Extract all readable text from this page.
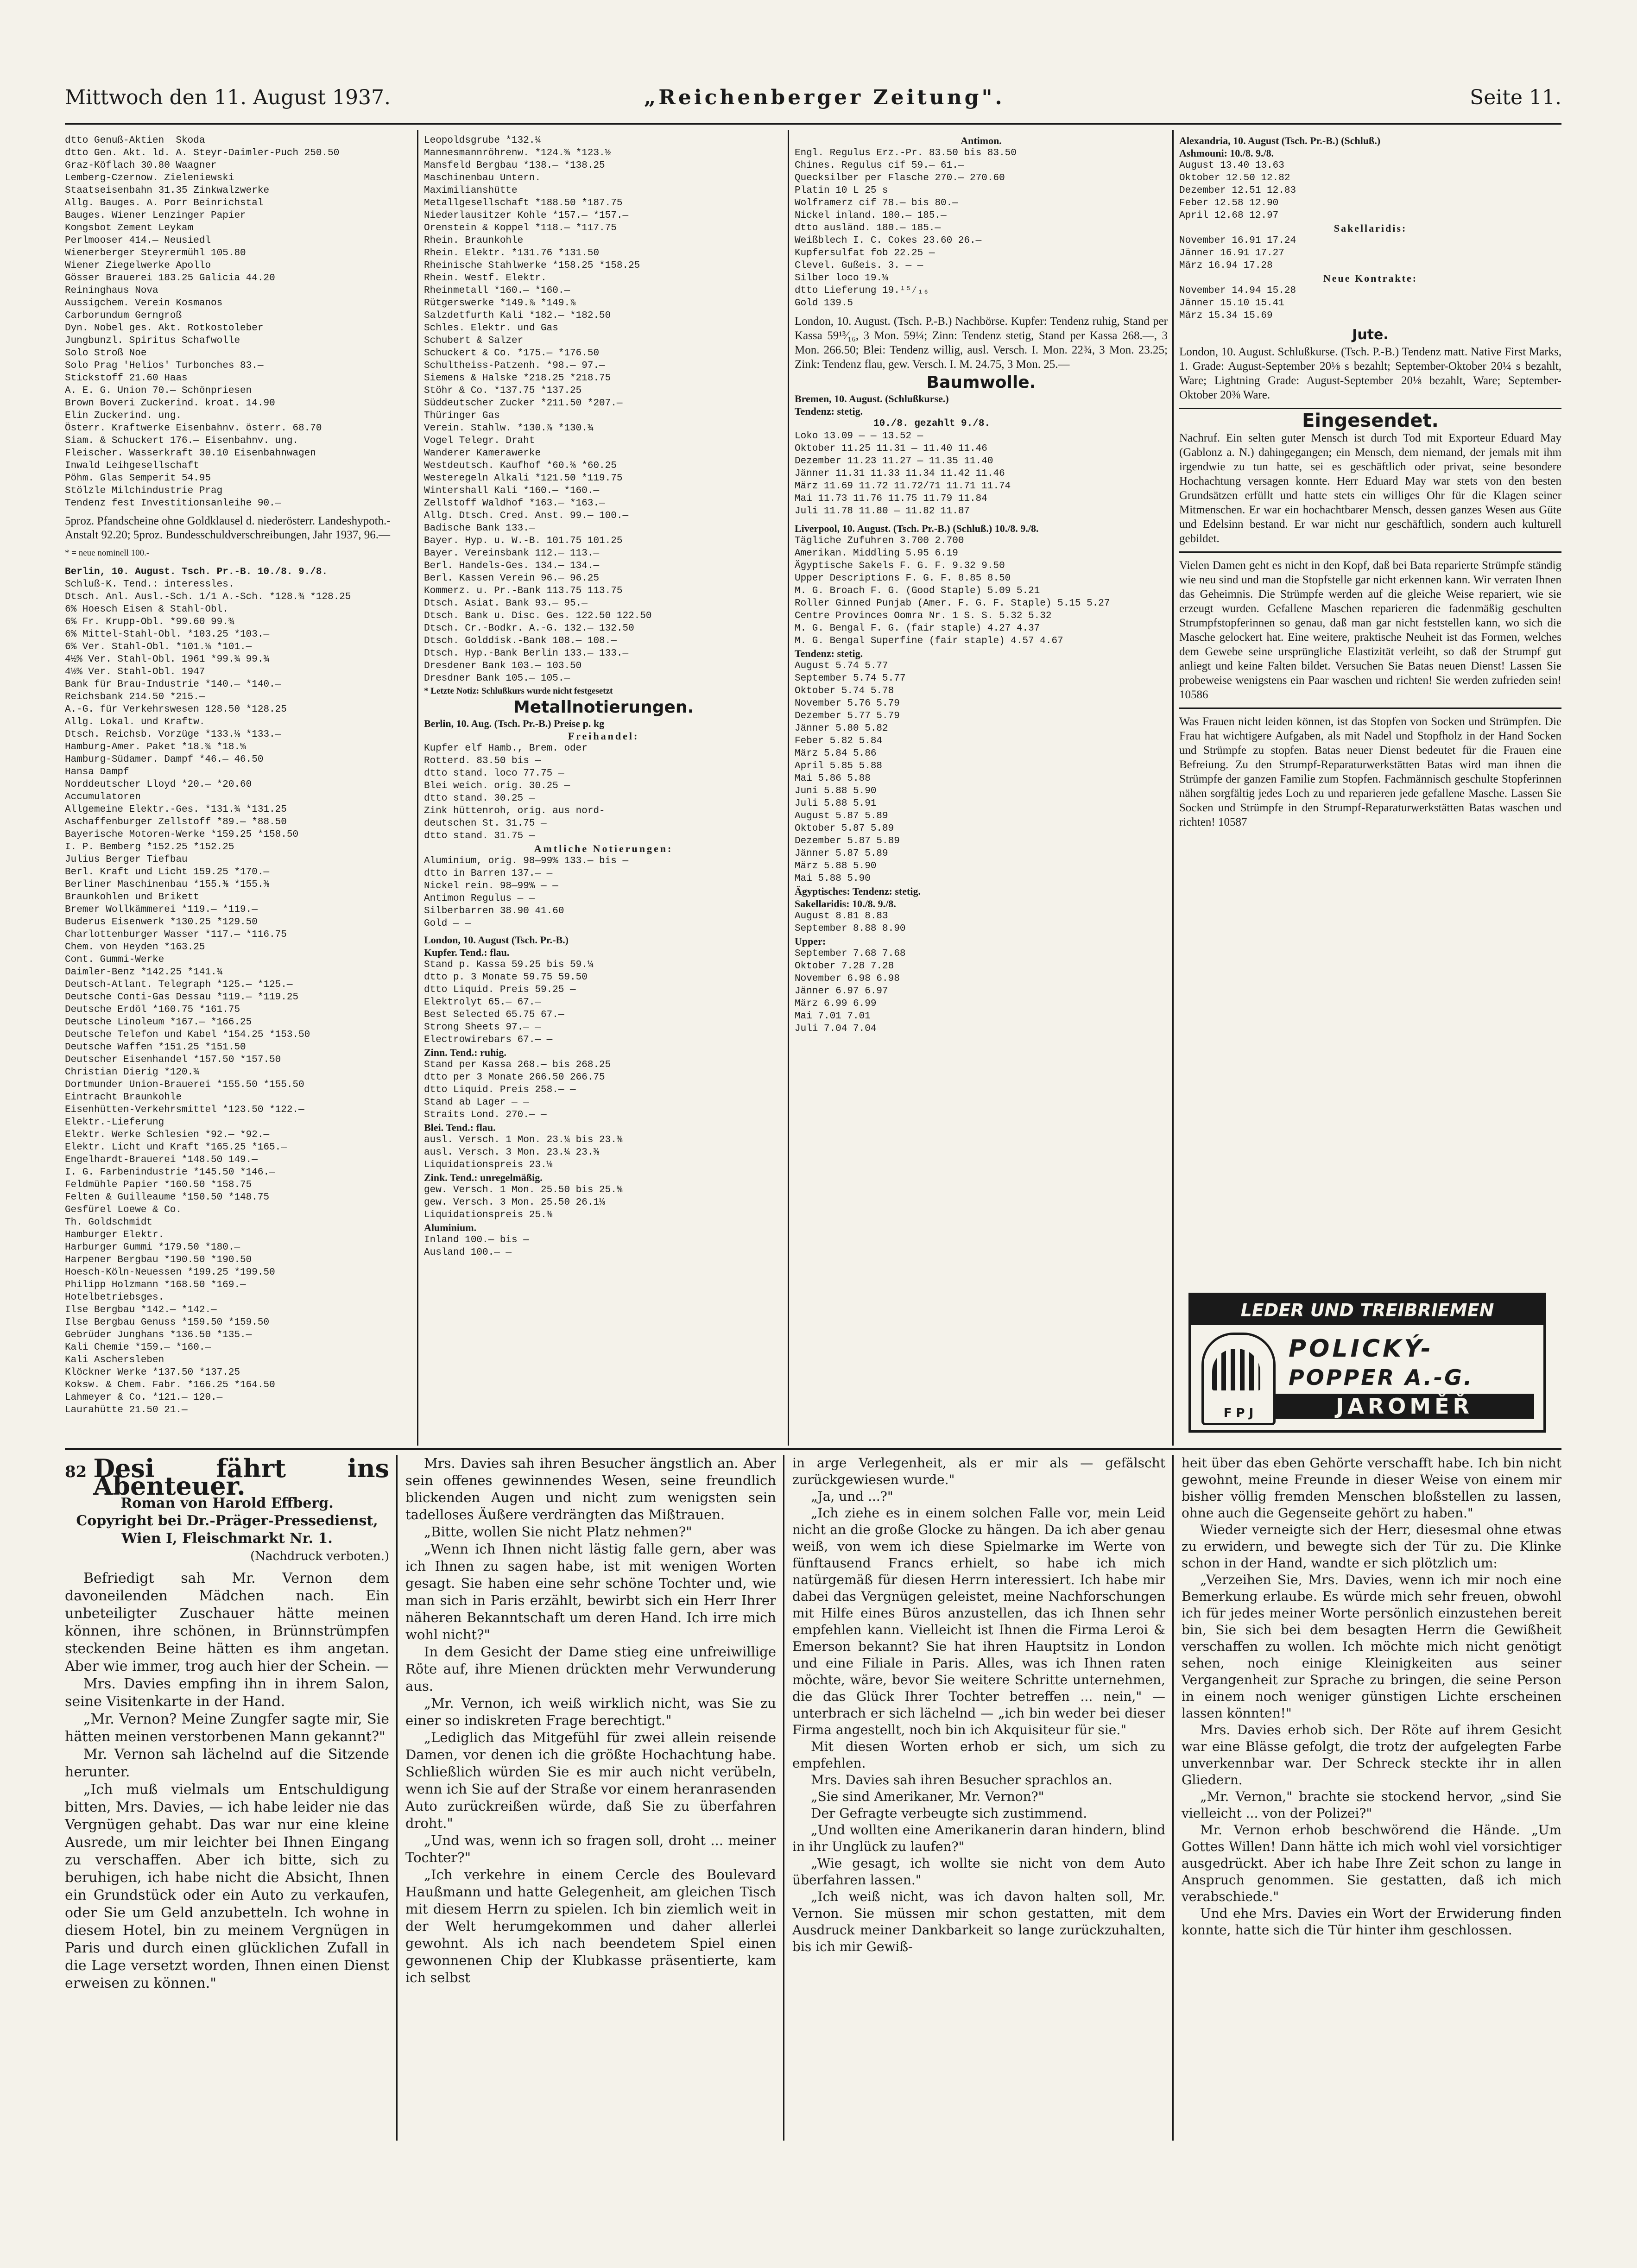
Mittwoch den 11. August 1937.	„Reichenberger Zeitung".	Seite 11.
dtto Genuß-Aktien  Skoda
dtto Gen. Akt. ld. A. Steyr-Daimler-Puch 250.50
Graz-Köflach 30.80 Waagner
Lemberg-Czernow. Zieleniewski
Staatseisenbahn 31.35 Zinkwalzwerke
Allg. Bauges. A. Porr Beinrichstal
Bauges. Wiener Lenzinger Papier
Kongsbot Zement Leykam
Perlmooser 414.— Neusiedl
Wienerberger Steyrermühl 105.80
Wiener Ziegelwerke Apollo
Gösser Brauerei 183.25 Galicia 44.20
Reininghaus Nova
Aussigchem. Verein Kosmanos
Carborundum Gerngroß
Dyn. Nobel ges. Akt. Rotkostoleber
Jungbunzl. Spiritus Schafwolle
Solo Stroß Noe
Solo Prag 'Helios' Turbonches 83.—
Stickstoff 21.60 Haas
A. E. G. Union 70.— Schönpriesen
Brown Boveri Zuckerind. kroat. 14.90
Elin Zuckerind. ung.
Österr. Kraftwerke Eisenbahnv. österr. 68.70
Siam. & Schuckert 176.— Eisenbahnv. ung.
Fleischer. Wasserkraft 30.10 Eisenbahnwagen
Inwald Leihgesellschaft
Pöhm. Glas Semperit 54.95
Stölzle Milchindustrie Prag
Tendenz fest Investitionsanleihe 90.—
5proz. Pfandscheine ohne Goldklausel d. niederösterr. Landeshypoth.-Anstalt 92.20; 5proz. Bundesschuldverschreibungen, Jahr 1937, 96.—
* = neue nominell 100.-
Berlin, 10. August. Tsch. Pr.-B. 10./8. 9./8.
Schluß-K. Tend.: interessles.
Dtsch. Anl. Ausl.-Sch. 1/1 A.-Sch. *128.¾ *128.25
6% Hoesch Eisen & Stahl-Obl.
6% Fr. Krupp-Obl. *99.60 99.¾
6% Mittel-Stahl-Obl. *103.25 *103.—
6% Ver. Stahl-Obl. *101.⅛ *101.—
4½% Ver. Stahl-Obl. 1961 *99.¾ 99.¾
4½% Ver. Stahl-Obl. 1947
Bank für Brau-Industrie *140.— *140.—
Reichsbank 214.50 *215.—
A.-G. für Verkehrswesen 128.50 *128.25
Allg. Lokal. und Kraftw.
Dtsch. Reichsb. Vorzüge *133.⅛ *133.—
Hamburg-Amer. Paket *18.¾ *18.⅝
Hamburg-Südamer. Dampf *46.— 46.50
Hansa Dampf
Norddeutscher Lloyd *20.— *20.60
Accumulatoren
Allgemeine Elektr.-Ges. *131.¾ *131.25
Aschaffenburger Zellstoff *89.— *88.50
Bayerische Motoren-Werke *159.25 *158.50
I. P. Bemberg *152.25 *152.25
Julius Berger Tiefbau
Berl. Kraft und Licht 159.25 *170.—
Berliner Maschinenbau *155.⅜ *155.⅜
Braunkohlen und Brikett
Bremer Wollkämmerei *119.— *119.—
Buderus Eisenwerk *130.25 *129.50
Charlottenburger Wasser *117.— *116.75
Chem. von Heyden *163.25
Cont. Gummi-Werke
Daimler-Benz *142.25 *141.¾
Deutsch-Atlant. Telegraph *125.— *125.—
Deutsche Conti-Gas Dessau *119.— *119.25
Deutsche Erdöl *160.75 *161.75
Deutsche Linoleum *167.— *166.25
Deutsche Telefon und Kabel *154.25 *153.50
Deutsche Waffen *151.25 *151.50
Deutscher Eisenhandel *157.50 *157.50
Christian Dierig *120.¾
Dortmunder Union-Brauerei *155.50 *155.50
Eintracht Braunkohle
Eisenhütten-Verkehrsmittel *123.50 *122.—
Elektr.-Lieferung
Elektr. Werke Schlesien *92.— *92.—
Elektr. Licht und Kraft *165.25 *165.—
Engelhardt-Brauerei *148.50 149.—
I. G. Farbenindustrie *145.50 *146.—
Feldmühle Papier *160.50 *158.75
Felten & Guilleaume *150.50 *148.75
Gesfürel Loewe & Co.
Th. Goldschmidt
Hamburger Elektr.
Harburger Gummi *179.50 *180.—
Harpener Bergbau *190.50 *190.50
Hoesch-Köln-Neuessen *199.25 *199.50
Philipp Holzmann *168.50 *169.—
Hotelbetriebsges.
Ilse Bergbau *142.— *142.—
Ilse Bergbau Genuss *159.50 *159.50
Gebrüder Junghans *136.50 *135.—
Kali Chemie *159.— *160.—
Kali Aschersleben
Klöckner Werke *137.50 *137.25
Koksw. & Chem. Fabr. *166.25 *164.50
Lahmeyer & Co. *121.— 120.—
Laurahütte 21.50 21.—
Leopoldsgrube *132.¼
Mannesmannröhrenw. *124.⅜ *123.½
Mansfeld Bergbau *138.— *138.25
Maschinenbau Untern.
Maximilianshütte
Metallgesellschaft *188.50 *187.75
Niederlausitzer Kohle *157.— *157.—
Orenstein & Koppel *118.— *117.75
Rhein. Braunkohle
Rhein. Elektr. *131.76 *131.50
Rheinische Stahlwerke *158.25 *158.25
Rhein. Westf. Elektr.
Rheinmetall *160.— *160.—
Rütgerswerke *149.⅞ *149.⅞
Salzdetfurth Kali *182.— *182.50
Schles. Elektr. und Gas
Schubert & Salzer
Schuckert & Co. *175.— *176.50
Schultheiss-Patzenh. *98.— 97.—
Siemens & Halske *218.25 *218.75
Stöhr & Co. *137.75 *137.25
Süddeutscher Zucker *211.50 *207.—
Thüringer Gas
Verein. Stahlw. *130.⅞ *130.¾
Vogel Telegr. Draht
Wanderer Kamerawerke
Westdeutsch. Kaufhof *60.⅜ *60.25
Westeregeln Alkali *121.50 *119.75
Wintershall Kali *160.— *160.—
Zellstoff Waldhof *163.— *163.—
Allg. Dtsch. Cred. Anst. 99.— 100.—
Badische Bank 133.—
Bayer. Hyp. u. W.-B. 101.75 101.25
Bayer. Vereinsbank 112.— 113.—
Berl. Handels-Ges. 134.— 134.—
Berl. Kassen Verein 96.— 96.25
Kommerz. u. Pr.-Bank 113.75 113.75
Dtsch. Asiat. Bank 93.— 95.—
Dtsch. Bank u. Disc. Ges. 122.50 122.50
Dtsch. Cr.-Bodkr. A.-G. 132.— 132.50
Dtsch. Golddisk.-Bank 108.— 108.—
Dtsch. Hyp.-Bank Berlin 133.— 133.—
Dresdener Bank 103.— 103.50
Dresdner Bank 105.— 105.—
* Letzte Notiz: Schlußkurs wurde nicht festgesetzt
Metallnotierungen.
Berlin, 10. Aug. (Tsch. Pr.-B.) Preise p. kg
Freihandel:
Kupfer elf Hamb., Brem. oder
Rotterd. 83.50 bis —
dtto stand. loco 77.75 —
Blei weich. orig. 30.25 —
dtto stand. 30.25 —
Zink hüttenroh, orig. aus nord-
deutschen St. 31.75 —
dtto stand. 31.75 —
Amtliche Notierungen:
Aluminium, orig. 98—99% 133.— bis —
dtto in Barren 137.— —
Nickel rein. 98—99% — —
Antimon Regulus — —
Silberbarren 38.90 41.60
Gold — —
London, 10. August (Tsch. Pr.-B.)
Kupfer. Tend.: flau.
Stand p. Kassa 59.25 bis 59.¼
dtto p. 3 Monate 59.75 59.50
dtto Liquid. Preis 59.25 —
Elektrolyt 65.— 67.—
Best Selected 65.75 67.—
Strong Sheets 97.— —
Electrowirebars 67.— —
Zinn. Tend.: ruhig.
Stand per Kassa 268.— bis 268.25
dtto per 3 Monate 266.50 266.75
dtto Liquid. Preis 258.— —
Stand ab Lager — —
Straits Lond. 270.— —
Blei. Tend.: flau.
ausl. Versch. 1 Mon. 23.¼ bis 23.⅜
ausl. Versch. 3 Mon. 23.¼ 23.⅜
Liquidationspreis 23.⅛
Zink. Tend.: unregelmäßig.
gew. Versch. 1 Mon. 25.50 bis 25.⅝
gew. Versch. 3 Mon. 25.50 26.1⅛
Liquidationspreis 25.⅜
Aluminium.
Inland 100.— bis —
Ausland 100.— —
Antimon.
Engl. Regulus Erz.-Pr. 83.50 bis 83.50
Chines. Regulus cif 59.— 61.—
Quecksilber per Flasche 270.— 270.60
Platin 10 L 25 s
Wolframerz cif 78.— bis 80.—
Nickel inland. 180.— 185.—
dtto ausländ. 180.— 185.—
Weißblech I. C. Cokes 23.60 26.—
Kupfersulfat fob 22.25 —
Clevel. Gußeis. 3. — —
Silber loco 19.⅛
dtto Lieferung 19.¹⁵⁄₁₆
Gold 139.5
London, 10. August. (Tsch. P.-B.) Nachbörse. Kupfer: Tendenz ruhig, Stand per Kassa 59¹³⁄₁₆, 3 Mon. 59¼; Zinn: Tendenz stetig, Stand per Kassa 268.—, 3 Mon. 266.50; Blei: Tendenz willig, ausl. Versch. I. Mon. 22¾, 3 Mon. 23.25; Zink: Tendenz flau, gew. Versch. I. M. 24.75, 3 Mon. 25.—
Baumwolle.
Bremen, 10. August. (Schlußkurse.)
Tendenz: stetig.
10./8. gezahlt 9./8.
Loko 13.09 — — 13.52 —
Oktober 11.25 11.31 — 11.40 11.46
Dezember 11.23 11.27 — 11.35 11.40
Jänner 11.31 11.33 11.34 11.42 11.46
März 11.69 11.72 11.72/71 11.71 11.74
Mai 11.73 11.76 11.75 11.79 11.84
Juli 11.78 11.80 — 11.82 11.87
Liverpool, 10. August. (Tsch. Pr.-B.) (Schluß.) 10./8. 9./8.
Tägliche Zufuhren 3.700 2.700
Amerikan. Middling 5.95 6.19
Ägyptische Sakels F. G. F. 9.32 9.50
Upper Descriptions F. G. F. 8.85 8.50
M. G. Broach F. G. (Good Staple) 5.09 5.21
Roller Ginned Punjab (Amer. F. G. F. Staple) 5.15 5.27
Centre Provinces Oomra Nr. 1 S. S. 5.32 5.32
M. G. Bengal F. G. (fair staple) 4.27 4.37
M. G. Bengal Superfine (fair staple) 4.57 4.67
Tendenz: stetig.
August 5.74 5.77
September 5.74 5.77
Oktober 5.74 5.78
November 5.76 5.79
Dezember 5.77 5.79
Jänner 5.80 5.82
Feber 5.82 5.84
März 5.84 5.86
April 5.85 5.88
Mai 5.86 5.88
Juni 5.88 5.90
Juli 5.88 5.91
August 5.87 5.89
Oktober 5.87 5.89
Dezember 5.87 5.89
Jänner 5.87 5.89
März 5.88 5.90
Mai 5.88 5.90
Ägyptisches: Tendenz: stetig.
Sakellaridis: 10./8. 9./8.
August 8.81 8.83
September 8.88 8.90
Upper:
September 7.68 7.68
Oktober 7.28 7.28
November 6.98 6.98
Jänner 6.97 6.97
März 6.99 6.99
Mai 7.01 7.01
Juli 7.04 7.04
Alexandria, 10. August (Tsch. Pr.-B.) (Schluß.)
Ashmouni: 10./8. 9./8.
August 13.40 13.63
Oktober 12.50 12.82
Dezember 12.51 12.83
Feber 12.58 12.90
April 12.68 12.97
Sakellaridis:
November 16.91 17.24
Jänner 16.91 17.27
März 16.94 17.28
Neue Kontrakte:
November 14.94 15.28
Jänner 15.10 15.41
März 15.34 15.69
Jute.
London, 10. August. Schlußkurse. (Tsch. P.-B.) Tendenz matt. Native First Marks, 1. Grade: August-September 20⅛ s bezahlt; September-Oktober 20¼ s bezahlt, Ware; Lightning Grade: August-September 20⅛ bezahlt, Ware; September-Oktober 20⅜ Ware.
Eingesendet.
Nachruf. Ein selten guter Mensch ist durch Tod mit Exporteur Eduard May (Gablonz a. N.) dahingegangen; ein Mensch, dem niemand, der jemals mit ihm irgendwie zu tun hatte, sei es geschäftlich oder privat, seine besondere Hochachtung versagen konnte. Herr Eduard May war stets von den besten Grundsätzen erfüllt und hatte stets ein williges Ohr für die Klagen seiner Mitmenschen. Er war ein hochachtbarer Mensch, dessen ganzes Wesen aus Güte und Edelsinn bestand. Er war nicht nur geschäftlich, sondern auch kulturell gebildet.
Vielen Damen geht es nicht in den Kopf, daß bei Bata reparierte Strümpfe ständig wie neu sind und man die Stopfstelle gar nicht erkennen kann. Wir verraten Ihnen das Geheimnis. Die Strümpfe werden auf die gleiche Weise repariert, wie sie erzeugt wurden. Gefallene Maschen reparieren die fadenmäßig geschulten Strumpfstopferinnen so genau, daß man gar nicht feststellen kann, wo sich die Masche gelockert hat. Eine weitere, praktische Neuheit ist das Formen, welches dem Gewebe seine ursprüngliche Elastizität verleiht, so daß der Strumpf gut anliegt und keine Falten bildet. Versuchen Sie Batas neuen Dienst! Lassen Sie probeweise wenigstens ein Paar waschen und richten! Sie werden zufrieden sein! 10586
Was Frauen nicht leiden können, ist das Stopfen von Socken und Strümpfen. Die Frau hat wichtigere Aufgaben, als mit Nadel und Stopfholz in der Hand Socken und Strümpfe zu stopfen. Batas neuer Dienst bedeutet für die Frauen eine Befreiung. Zu den Strumpf-Reparaturwerkstätten Batas wird man ihnen die Strümpfe der ganzen Familie zum Stopfen. Fachmännisch geschulte Stopferinnen nähen sorgfältig jedes Loch zu und reparieren jede gefallene Masche. Lassen Sie Socken und Strümpfe in den Strumpf-Reparaturwerkstätten Batas waschen und richten! 10587
LEDER UND TREIBRIEMEN
F P J
POLICKÝ-
POPPER A.-G.
JAROMĚŘ
82 Desi fährt ins Abenteuer.
Roman von Harold Effberg.
Copyright bei Dr.-Präger-Pressedienst, Wien I, Fleischmarkt Nr. 1.
(Nachdruck verboten.)

Befriedigt sah Mr. Vernon dem davoneilenden Mädchen nach. Ein unbeteiligter Zuschauer hätte meinen können, ihre schönen, in Brünnstrümpfen steckenden Beine hätten es ihm angetan. Aber wie immer, trog auch hier der Schein. —

Mrs. Davies empfing ihn in ihrem Salon, seine Visitenkarte in der Hand.

„Mr. Vernon? Meine Zungfer sagte mir, Sie hätten meinen verstorbenen Mann gekannt?"

Mr. Vernon sah lächelnd auf die Sitzende herunter.

„Ich muß vielmals um Entschuldigung bitten, Mrs. Davies, — ich habe leider nie das Vergnügen gehabt. Das war nur eine kleine Ausrede, um mir leichter bei Ihnen Eingang zu verschaffen. Aber ich bitte, sich zu beruhigen, ich habe nicht die Absicht, Ihnen ein Grundstück oder ein Auto zu verkaufen, oder Sie um Geld anzubetteln. Ich wohne in diesem Hotel, bin zu meinem Vergnügen in Paris und durch einen glücklichen Zufall in die Lage versetzt worden, Ihnen einen Dienst erweisen zu können."

Mrs. Davies sah ihren Besucher ängstlich an. Aber sein offenes gewinnendes Wesen, seine freundlich blickenden Augen und nicht zum wenigsten sein tadelloses Äußere verdrängten das Mißtrauen.

„Bitte, wollen Sie nicht Platz nehmen?"

„Wenn ich Ihnen nicht lästig falle gern, aber was ich Ihnen zu sagen habe, ist mit wenigen Worten gesagt. Sie haben eine sehr schöne Tochter und, wie man sich in Paris erzählt, bewirbt sich ein Herr Ihrer näheren Bekanntschaft um deren Hand. Ich irre mich wohl nicht?"

In dem Gesicht der Dame stieg eine unfreiwillige Röte auf, ihre Mienen drückten mehr Verwunderung aus.

„Mr. Vernon, ich weiß wirklich nicht, was Sie zu einer so indiskreten Frage berechtigt."

„Lediglich das Mitgefühl für zwei allein reisende Damen, vor denen ich die größte Hochachtung habe. Schließlich würden Sie es mir auch nicht verübeln, wenn ich Sie auf der Straße vor einem heranrasenden Auto zurückreißen würde, daß Sie zu überfahren droht."

„Und was, wenn ich so fragen soll, droht ... meiner Tochter?"

„Ich verkehre in einem Cercle des Boulevard Haußmann und hatte Gelegenheit, am gleichen Tisch mit diesem Herrn zu spielen. Ich bin ziemlich weit in der Welt herumgekommen und daher allerlei gewohnt. Als ich nach beendetem Spiel einen gewonnenen Chip der Klubkasse präsentierte, kam ich selbst

in arge Verlegenheit, als er mir als — gefälscht zurückgewiesen wurde."

„Ja, und ...?"

„Ich ziehe es in einem solchen Falle vor, mein Leid nicht an die große Glocke zu hängen. Da ich aber genau weiß, von wem ich diese Spielmarke im Werte von fünftausend Francs erhielt, so habe ich mich natürgemäß für diesen Herrn interessiert. Ich habe mir dabei das Vergnügen geleistet, meine Nachforschungen mit Hilfe eines Büros anzustellen, das ich Ihnen sehr empfehlen kann. Vielleicht ist Ihnen die Firma Leroi & Emerson bekannt? Sie hat ihren Hauptsitz in London und eine Filiale in Paris. Alles, was ich Ihnen raten möchte, wäre, bevor Sie weitere Schritte unternehmen, die das Glück Ihrer Tochter betreffen ... nein," — unterbrach er sich lächelnd — „ich bin weder bei dieser Firma angestellt, noch bin ich Akquisiteur für sie."

Mit diesen Worten erhob er sich, um sich zu empfehlen.

Mrs. Davies sah ihren Besucher sprachlos an.

„Sie sind Amerikaner, Mr. Vernon?"

Der Gefragte verbeugte sich zustimmend.

„Und wollten eine Amerikanerin daran hindern, blind in ihr Unglück zu laufen?"

„Wie gesagt, ich wollte sie nicht von dem Auto überfahren lassen."

„Ich weiß nicht, was ich davon halten soll, Mr. Vernon. Sie müssen mir schon gestatten, mit dem Ausdruck meiner Dankbarkeit so lange zurückzuhalten, bis ich mir Gewiß-

heit über das eben Gehörte verschafft habe. Ich bin nicht gewohnt, meine Freunde in dieser Weise von einem mir bisher völlig fremden Menschen bloßstellen zu lassen, ohne auch die Gegenseite gehört zu haben."

Wieder verneigte sich der Herr, diesesmal ohne etwas zu erwidern, und bewegte sich der Tür zu. Die Klinke schon in der Hand, wandte er sich plötzlich um:

„Verzeihen Sie, Mrs. Davies, wenn ich mir noch eine Bemerkung erlaube. Es würde mich sehr freuen, obwohl ich für jedes meiner Worte persönlich einzustehen bereit bin, Sie sich bei dem besagten Herrn die Gewißheit verschaffen zu wollen. Ich möchte mich nicht genötigt sehen, noch einige Kleinigkeiten aus seiner Vergangenheit zur Sprache zu bringen, die seine Person in einem noch weniger günstigen Lichte erscheinen lassen könnten!"

Mrs. Davies erhob sich. Der Röte auf ihrem Gesicht war eine Blässe gefolgt, die trotz der aufgelegten Farbe unverkennbar war. Der Schreck steckte ihr in allen Gliedern.

„Mr. Vernon," brachte sie stockend hervor, „sind Sie vielleicht ... von der Polizei?"

Mr. Vernon erhob beschwörend die Hände. „Um Gottes Willen! Dann hätte ich mich wohl viel vorsichtiger ausgedrückt. Aber ich habe Ihre Zeit schon zu lange in Anspruch genommen. Sie gestatten, daß ich mich verabschiede."

Und ehe Mrs. Davies ein Wort der Erwiderung finden konnte, hatte sich die Tür hinter ihm geschlossen.
